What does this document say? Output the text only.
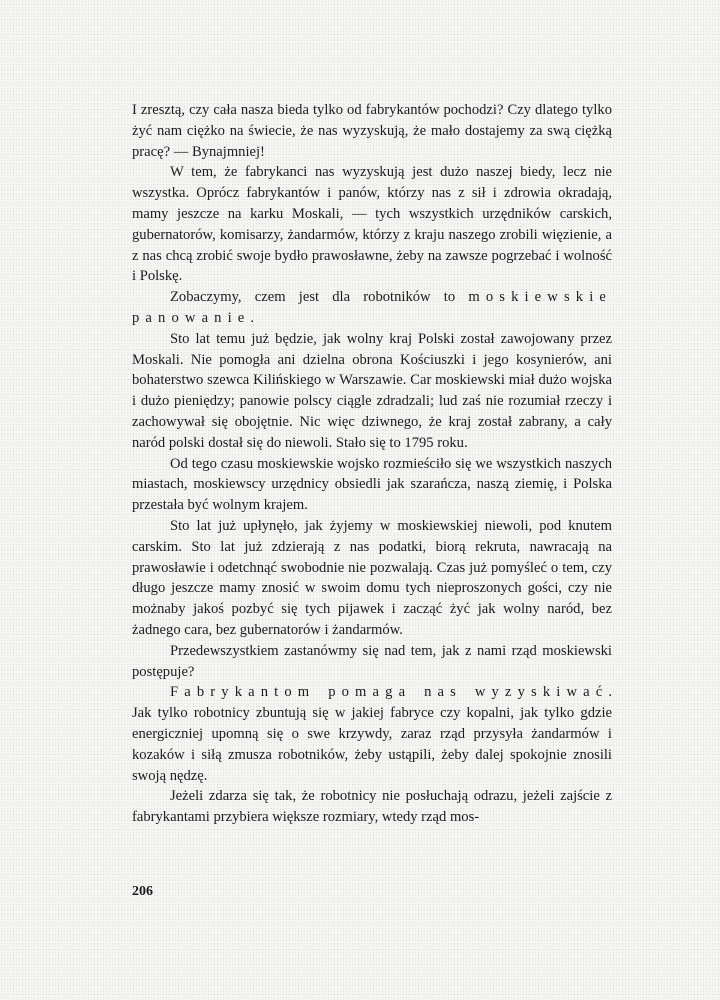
I zresztą, czy cała nasza bieda tylko od fabrykantów pochodzi? Czy dlatego tylko żyć nam ciężko na świecie, że nas wyzyskują, że mało dostajemy za swą ciężką pracę? — Bynajmniej!

W tem, że fabrykanci nas wyzyskują jest dużo naszej biedy, lecz nie wszystka. Oprócz fabrykantów i panów, którzy nas z sił i zdrowia okradają, mamy jeszcze na karku Moskali, — tych wszystkich urzędników carskich, gubernatorów, komisarzy, żandarmów, którzy z kraju naszego zrobili więzienie, a z nas chcą zrobić swoje bydło prawosławne, żeby na zawsze pogrzebać i wolność i Polskę.

Zobaczymy, czem jest dla robotników to moskiewskie panowanie.

Sto lat temu już będzie, jak wolny kraj Polski został zawojowany przez Moskali. Nie pomogła ani dzielna obrona Kościuszki i jego kosynierów, ani bohaterstwo szewca Kilińskiego w Warszawie. Car moskiewski miał dużo wojska i dużo pieniędzy; panowie polscy ciągle zdradzali; lud zaś nie rozumiał rzeczy i zachowywał się obojętnie. Nic więc dziwnego, że kraj został zabrany, a cały naród polski dostał się do niewoli. Stało się to 1795 roku.

Od tego czasu moskiewskie wojsko rozmieściło się we wszystkich naszych miastach, moskiewscy urzędnicy obsiedli jak szarańcza, naszą ziemię, i Polska przestała być wolnym krajem.

Sto lat już upłynęło, jak żyjemy w moskiewskiej niewoli, pod knutem carskim. Sto lat już zdzierają z nas podatki, biorą rekruta, nawracają na prawosławie i odetchnąć swobodnie nie pozwalają. Czas już pomyśleć o tem, czy długo jeszcze mamy znosić w swoim domu tych nieproszonych gości, czy nie możnaby jakoś pozbyć się tych pijawek i zacząć żyć jak wolny naród, bez żadnego cara, bez gubernatorów i żandarmów.

Przedewszystkiem zastanówmy się nad tem, jak z nami rząd moskiewski postępuje?

Fabrykantom pomaga nas wyzyskiwać. Jak tylko robotnicy zbuntują się w jakiej fabryce czy kopalni, jak tylko gdzie energiczniej upomną się o swe krzywdy, zaraz rząd przysyła żandarmów i kozaków i siłą zmusza robotników, żeby ustąpili, żeby dalej spokojnie znosili swoją nędzę.

Jeżeli zdarza się tak, że robotnicy nie posłuchają odrazu, jeżeli zajście z fabrykantami przybiera większe rozmiary, wtedy rząd mos-

206
